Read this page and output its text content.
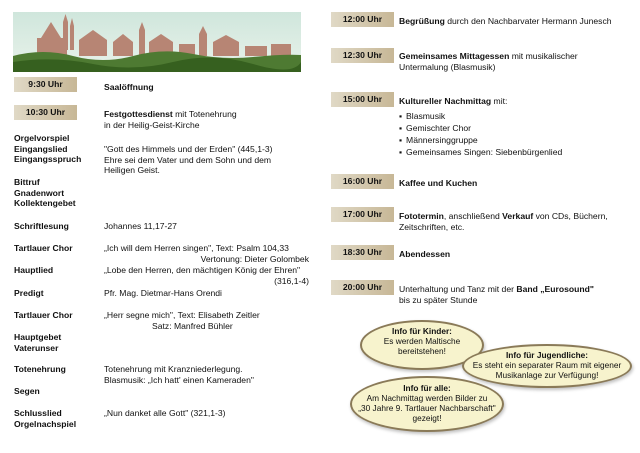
9:30 Uhr	Saalöffnung
10:30 Uhr	Festgottesdienst mit Totenehrung
in der Heilig-Geist-Kirche
Orgelvorspiel
Eingangslied
Eingangsspruch
"Gott des Himmels und der Erden" (445,1-3)
Ehre sei dem Vater und dem Sohn und dem
Heiligen Geist.
Bittruf
Gnadenwort
Kollektengebet
Schriftlesung	Johannes 11,17-27
Tartlauer Chor	„Ich will dem Herren singen", Text: Psalm 104,33
Vertonung: Dieter Golombek
Hauptlied	„Lobe den Herren, den mächtigen König der Ehren"
(316,1-4)
Predigt	Pfr. Mag. Dietmar-Hans Orendi
Tartlauer Chor	„Herr segne mich", Text: Elisabeth Zeitler
Satz: Manfred Bühler
Hauptgebet
Vaterunser
Totenehrung	Totenehrung mit Kranzniederlegung.
Blasmusik: „Ich hatt' einen Kameraden"
Segen
Schlusslied
Orgelnachspiel
„Nun danket alle Gott" (321,1-3)
12:00 Uhr	Begrüßung durch den Nachbarvater Hermann Junesch
12:30 Uhr	Gemeinsames Mittagessen mit musikalischer
Untermalung (Blasmusik)
15:00 Uhr	Kultureller Nachmittag mit:
▪ Blasmusik
▪ Gemischter Chor
▪ Männersinggruppe
▪ Gemeinsames Singen: Siebenbürgenlied
16:00 Uhr	Kaffee und Kuchen
17:00 Uhr	Fototermin, anschließend Verkauf von CDs, Büchern,
Zeitschriften, etc.
18:30 Uhr	Abendessen
20:00 Uhr	Unterhaltung und Tanz mit der Band „Eurosound"
bis zu später Stunde
Info für Kinder:
Es werden Maltische
bereitstehen!	Info für Jugendliche:
Es steht ein separater Raum mit eigener
Musikanlage zur Verfügung!
Info für alle:
Am Nachmittag werden Bilder zu
„30 Jahre 9. Tartlauer Nachbarschaft"
gezeigt!
